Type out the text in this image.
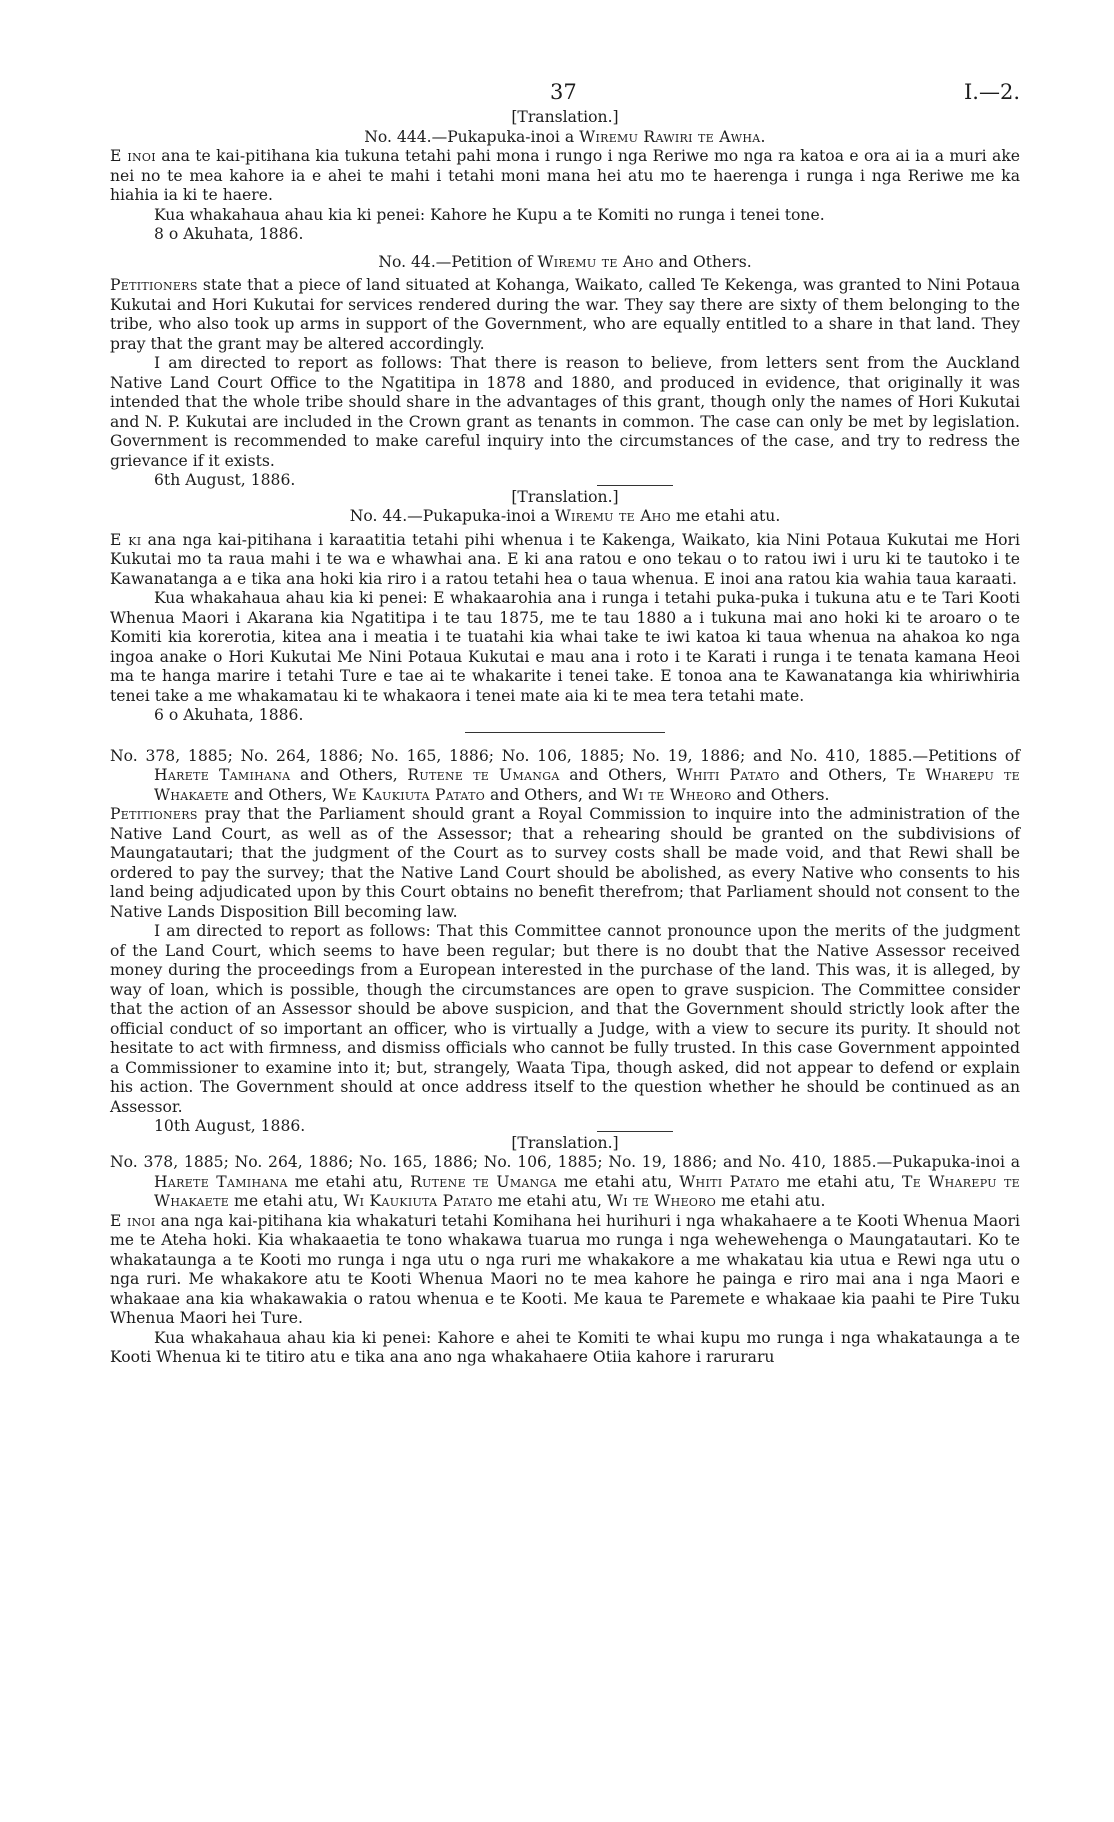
37	I.—2.

[Translation.]

No. 444.—Pukapuka-inoi a Wiremu Rawiri te Awha.

E inoi ana te kai-pitihana kia tukuna tetahi pahi mona i rungo i nga Reriwe mo nga ra katoa e ora ai ia a muri ake nei no te mea kahore ia e ahei te mahi i tetahi moni mana hei atu mo te haerenga i runga i nga Reriwe me ka hiahia ia ki te haere.

Kua whakahaua ahau kia ki penei: Kahore he Kupu a te Komiti no runga i tenei tone.

8 o Akuhata, 1886.

No. 44.—Petition of Wiremu te Aho and Others.

Petitioners state that a piece of land situated at Kohanga, Waikato, called Te Kekenga, was granted to Nini Potaua Kukutai and Hori Kukutai for services rendered during the war. They say there are sixty of them belonging to the tribe, who also took up arms in support of the Government, who are equally entitled to a share in that land. They pray that the grant may be altered accordingly.

I am directed to report as follows: That there is reason to believe, from letters sent from the Auckland Native Land Court Office to the Ngatitipa in 1878 and 1880, and produced in evidence, that originally it was intended that the whole tribe should share in the advantages of this grant, though only the names of Hori Kukutai and N. P. Kukutai are included in the Crown grant as tenants in common. The case can only be met by legislation. Government is recommended to make careful inquiry into the circumstances of the case, and try to redress the grievance if it exists.

6th August, 1886.

[Translation.]

No. 44.—Pukapuka-inoi a Wiremu te Aho me etahi atu.

E ki ana nga kai-pitihana i karaatitia tetahi pihi whenua i te Kakenga, Waikato, kia Nini Potaua Kukutai me Hori Kukutai mo ta raua mahi i te wa e whawhai ana. E ki ana ratou e ono tekau o to ratou iwi i uru ki te tautoko i te Kawanatanga a e tika ana hoki kia riro i a ratou tetahi hea o taua whenua. E inoi ana ratou kia wahia taua karaati.

Kua whakahaua ahau kia ki penei: E whakaarohia ana i runga i tetahi puka-puka i tukuna atu e te Tari Kooti Whenua Maori i Akarana kia Ngatitipa i te tau 1875, me te tau 1880 a i tukuna mai ano hoki ki te aroaro o te Komiti kia korerotia, kitea ana i meatia i te tuatahi kia whai take te iwi katoa ki taua whenua na ahakoa ko nga ingoa anake o Hori Kukutai Me Nini Potaua Kukutai e mau ana i roto i te Karati i runga i te tenata kamana Heoi ma te hanga marire i tetahi Ture e tae ai te whakarite i tenei take. E tonoa ana te Kawanatanga kia whiriwhiria tenei take a me whakamatau ki te whakaora i tenei mate aia ki te mea tera tetahi mate.

6 o Akuhata, 1886.

No. 378, 1885; No. 264, 1886; No. 165, 1886; No. 106, 1885; No. 19, 1886; and No. 410, 1885.—Petitions of Harete Tamihana and Others, Rutene te Umanga and Others, Whiti Patato and Others, Te Wharepu te Whakaete and Others, We Kaukiuta Patato and Others, and Wi te Wheoro and Others.

Petitioners pray that the Parliament should grant a Royal Commission to inquire into the administration of the Native Land Court, as well as of the Assessor; that a rehearing should be granted on the subdivisions of Maungatautari; that the judgment of the Court as to survey costs shall be made void, and that Rewi shall be ordered to pay the survey; that the Native Land Court should be abolished, as every Native who consents to his land being adjudicated upon by this Court obtains no benefit therefrom; that Parliament should not consent to the Native Lands Disposition Bill becoming law.

I am directed to report as follows: That this Committee cannot pronounce upon the merits of the judgment of the Land Court, which seems to have been regular; but there is no doubt that the Native Assessor received money during the proceedings from a European interested in the purchase of the land. This was, it is alleged, by way of loan, which is possible, though the circumstances are open to grave suspicion. The Committee consider that the action of an Assessor should be above suspicion, and that the Government should strictly look after the official conduct of so important an officer, who is virtually a Judge, with a view to secure its purity. It should not hesitate to act with firmness, and dismiss officials who cannot be fully trusted. In this case Government appointed a Commissioner to examine into it; but, strangely, Waata Tipa, though asked, did not appear to defend or explain his action. The Government should at once address itself to the question whether he should be continued as an Assessor.

10th August, 1886.

[Translation.]

No. 378, 1885; No. 264, 1886; No. 165, 1886; No. 106, 1885; No. 19, 1886; and No. 410, 1885.—Pukapuka-inoi a Harete Tamihana me etahi atu, Rutene te Umanga me etahi atu, Whiti Patato me etahi atu, Te Wharepu te Whakaete me etahi atu, Wi Kaukiuta Patato me etahi atu, Wi te Wheoro me etahi atu.

E inoi ana nga kai-pitihana kia whakaturi tetahi Komihana hei hurihuri i nga whakahaere a te Kooti Whenua Maori me te Ateha hoki. Kia whakaaetia te tono whakawa tuarua mo runga i nga wehewehenga o Maungatautari. Ko te whakataunga a te Kooti mo runga i nga utu o nga ruri me whakakore a me whakatau kia utua e Rewi nga utu o nga ruri. Me whakakore atu te Kooti Whenua Maori no te mea kahore he painga e riro mai ana i nga Maori e whakaae ana kia whakawakia o ratou whenua e te Kooti. Me kaua te Paremete e whakaae kia paahi te Pire Tuku Whenua Maori hei Ture.

Kua whakahaua ahau kia ki penei: Kahore e ahei te Komiti te whai kupu mo runga i nga whakataunga a te Kooti Whenua ki te titiro atu e tika ana ano nga whakahaere Otiia kahore i raruraru
